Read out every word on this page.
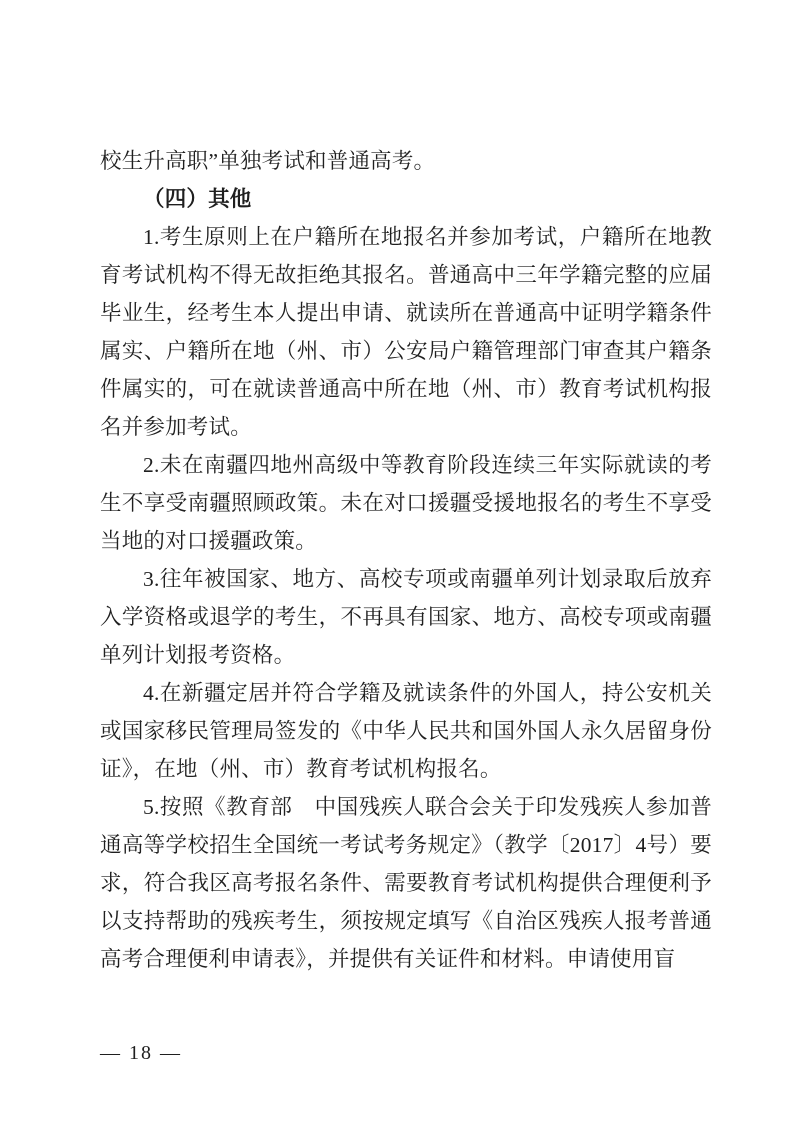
校生升高职”单独考试和普通高考。

（四）其他

1.考生原则上在户籍所在地报名并参加考试，户籍所在地教育考试机构不得无故拒绝其报名。普通高中三年学籍完整的应届毕业生，经考生本人提出申请、就读所在普通高中证明学籍条件属实、户籍所在地（州、市）公安局户籍管理部门审查其户籍条件属实的，可在就读普通高中所在地（州、市）教育考试机构报名并参加考试。

2.未在南疆四地州高级中等教育阶段连续三年实际就读的考生不享受南疆照顾政策。未在对口援疆受援地报名的考生不享受当地的对口援疆政策。

3.往年被国家、地方、高校专项或南疆单列计划录取后放弃入学资格或退学的考生，不再具有国家、地方、高校专项或南疆单列计划报考资格。

4.在新疆定居并符合学籍及就读条件的外国人，持公安机关或国家移民管理局签发的《中华人民共和国外国人永久居留身份证》，在地（州、市）教育考试机构报名。

5.按照《教育部　中国残疾人联合会关于印发残疾人参加普通高等学校招生全国统一考试考务规定》（教学〔2017〕4号）要求，符合我区高考报名条件、需要教育考试机构提供合理便利予以支持帮助的残疾考生，须按规定填写《自治区残疾人报考普通高考合理便利申请表》，并提供有关证件和材料。申请使用盲

— 18 —
